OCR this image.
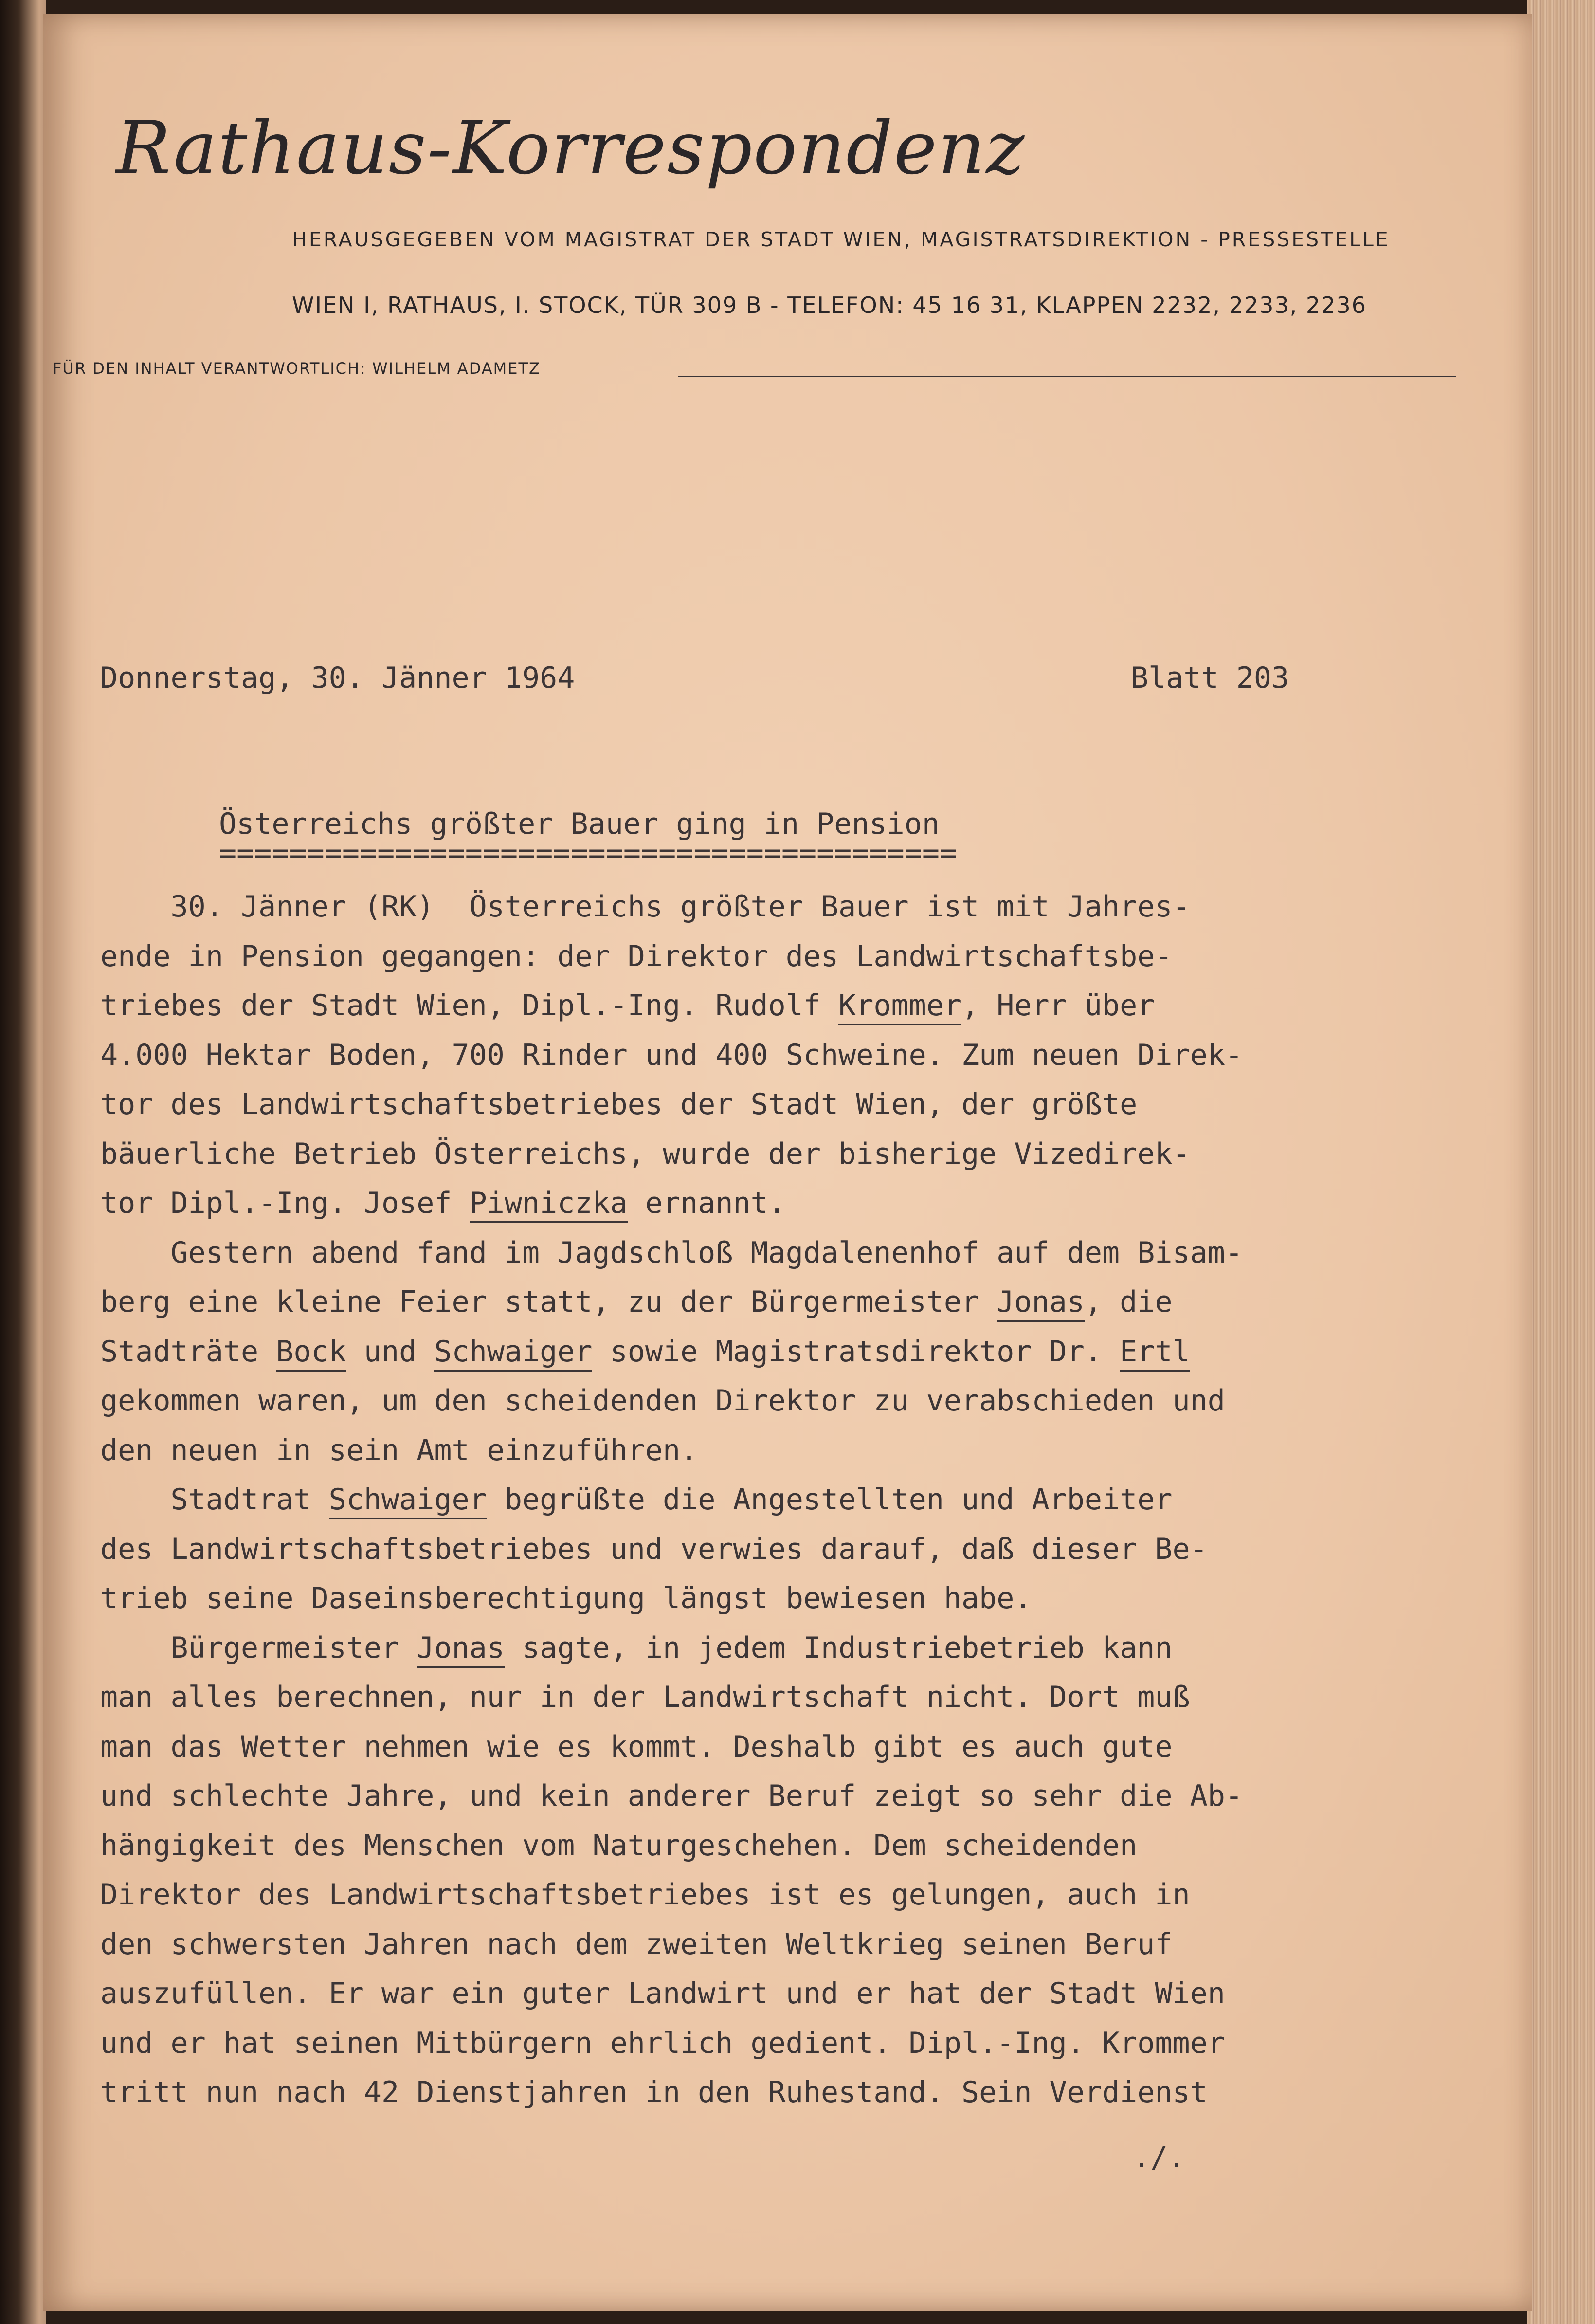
Rathaus-Korrespondenz
HERAUSGEGEBEN VOM MAGISTRAT DER STADT WIEN, MAGISTRATSDIREKTION - PRESSESTELLE
WIEN I, RATHAUS, I. STOCK, TÜR 309 B - TELEFON: 45 16 31, KLAPPEN 2232, 2233, 2236
FÜR DEN INHALT VERANTWORTLICH: WILHELM ADAMETZ
Donnerstag, 30. Jänner 1964	Blatt 203
Österreichs größter Bauer ging in Pension
==========================================
30. Jänner (RK)  Österreichs größter Bauer ist mit Jahres-
ende in Pension gegangen: der Direktor des Landwirtschaftsbe-
triebes der Stadt Wien, Dipl.-Ing. Rudolf Krommer, Herr über
4.000 Hektar Boden, 700 Rinder und 400 Schweine. Zum neuen Direk-
tor des Landwirtschaftsbetriebes der Stadt Wien, der größte
bäuerliche Betrieb Österreichs, wurde der bisherige Vizedirek-
tor Dipl.-Ing. Josef Piwniczka ernannt.
Gestern abend fand im Jagdschloß Magdalenenhof auf dem Bisam-
berg eine kleine Feier statt, zu der Bürgermeister Jonas, die
Stadträte Bock und Schwaiger sowie Magistratsdirektor Dr. Ertl
gekommen waren, um den scheidenden Direktor zu verabschieden und
den neuen in sein Amt einzuführen.
Stadtrat Schwaiger begrüßte die Angestellten und Arbeiter
des Landwirtschaftsbetriebes und verwies darauf, daß dieser Be-
trieb seine Daseinsberechtigung längst bewiesen habe.
Bürgermeister Jonas sagte, in jedem Industriebetrieb kann
man alles berechnen, nur in der Landwirtschaft nicht. Dort muß
man das Wetter nehmen wie es kommt. Deshalb gibt es auch gute
und schlechte Jahre, und kein anderer Beruf zeigt so sehr die Ab-
hängigkeit des Menschen vom Naturgeschehen. Dem scheidenden
Direktor des Landwirtschaftsbetriebes ist es gelungen, auch in
den schwersten Jahren nach dem zweiten Weltkrieg seinen Beruf
auszufüllen. Er war ein guter Landwirt und er hat der Stadt Wien
und er hat seinen Mitbürgern ehrlich gedient. Dipl.-Ing. Krommer
tritt nun nach 42 Dienstjahren in den Ruhestand. Sein Verdienst
./.
